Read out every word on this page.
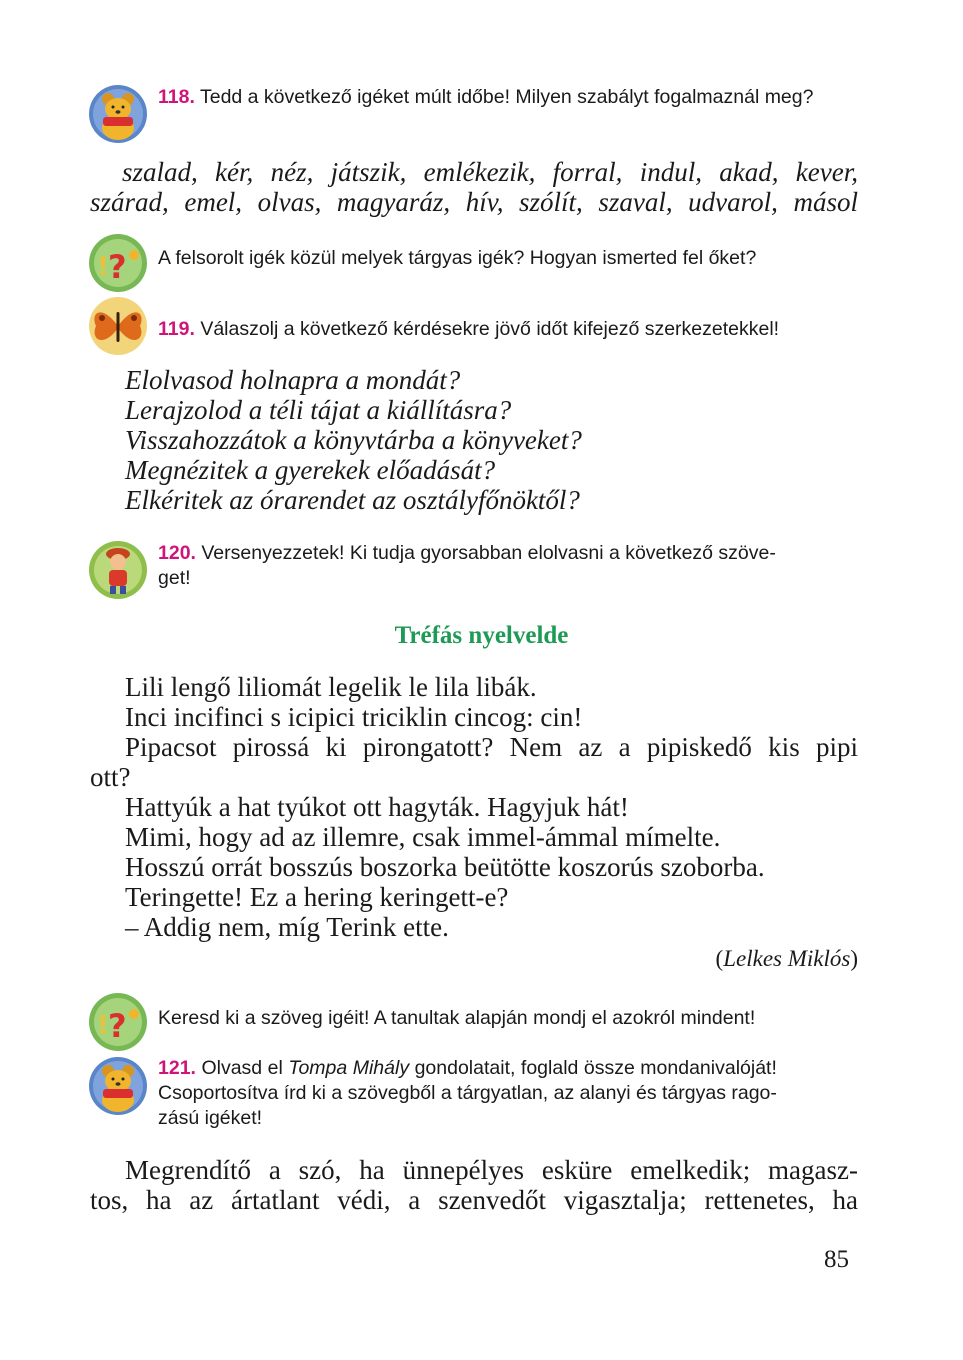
118. Tedd a következő igéket múlt időbe! Milyen szabályt fogalmaznál meg?
szalad, kér, néz, játszik, emlékezik, forral, indul, akad, kever,
szárad, emel, olvas, magyaráz, hív, szólít, szaval, udvarol, másol
! ? A felsorolt igék közül melyek tárgyas igék? Hogyan ismerted fel őket?
119. Válaszolj a következő kérdésekre jövő időt kifejező szerkezetekkel!
Elolvasod holnapra a mondát?
Lerajzolod a téli tájat a kiállításra?
Visszahozzátok a könyvtárba a könyveket?
Megnézitek a gyerekek előadását?
Elkéritek az órarendet az osztályfőnöktől?
120. Versenyezzetek! Ki tudja gyorsabban elolvasni a következő szöve-
get!
Tréfás nyelvelde
Lili lengő liliomát legelik le lila libák.
Inci incifinci s icipici triciklin cincog: cin!
Pipacsot pirossá ki pirongatott? Nem az a pipiskedő kis pipi
ott?
Hattyúk a hat tyúkot ott hagyták. Hagyjuk hát!
Mimi, hogy ad az illemre, csak immel-ámmal mímelte.
Hosszú orrát bosszús boszorka beütötte koszorús szoborba.
Teringette! Ez a hering keringett-e?
– Addig nem, míg Terink ette.
(Lelkes Miklós)
! ? Keresd ki a szöveg igéit! A tanultak alapján mondj el azokról mindent!
121. Olvasd el Tompa Mihály gondolatait, foglald össze mondanivalóját!
Csoportosítva írd ki a szövegből a tárgyatlan, az alanyi és tárgyas rago-
zású igéket!
Megrendítő a szó, ha ünnepélyes esküre emelkedik; magasz-
tos, ha az ártatlant védi, a szenvedőt vigasztalja; rettenetes, ha
85
